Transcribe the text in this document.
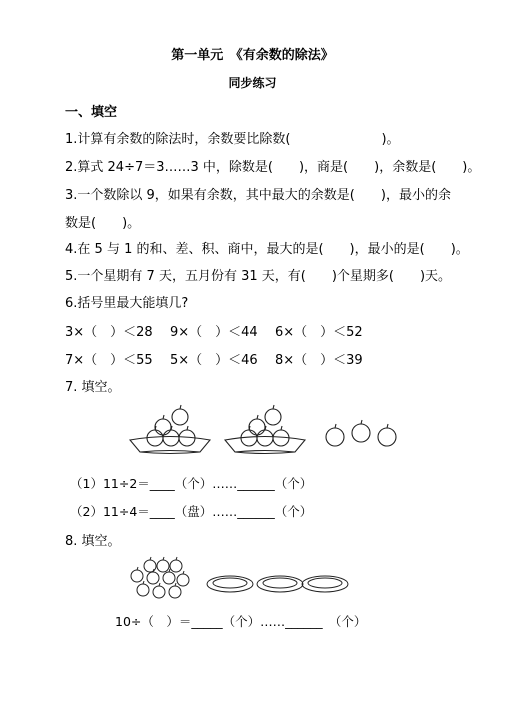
第一单元　《有余数的除法》
同步练习
一、填空
1.计算有余数的除法时，余数要比除数(　　　　　　　)。
2.算式 24÷7＝3……3 中，除数是(　　)，商是(　　)，余数是(　　)。
3.一个数除以 9，如果有余数，其中最大的余数是(　　)，最小的余
数是(　　)。
4.在 5 与 1 的和、差、积、商中，最大的是(　　)，最小的是(　　)。
5.一个星期有 7 天，五月份有 31 天，有(　　)个星期多(　　)天。
6.括号里最大能填几?
3×（　）＜28 9×（　）＜44 6×（　）＜52
7×（　）＜55 5×（　）＜46 8×（　）＜39
7. 填空。
（1）11÷2＝____（个）……______（个）
（2）11÷4＝____（盘）……______（个）
8. 填空。
10÷（　）＝_____（个）……______　（个）
